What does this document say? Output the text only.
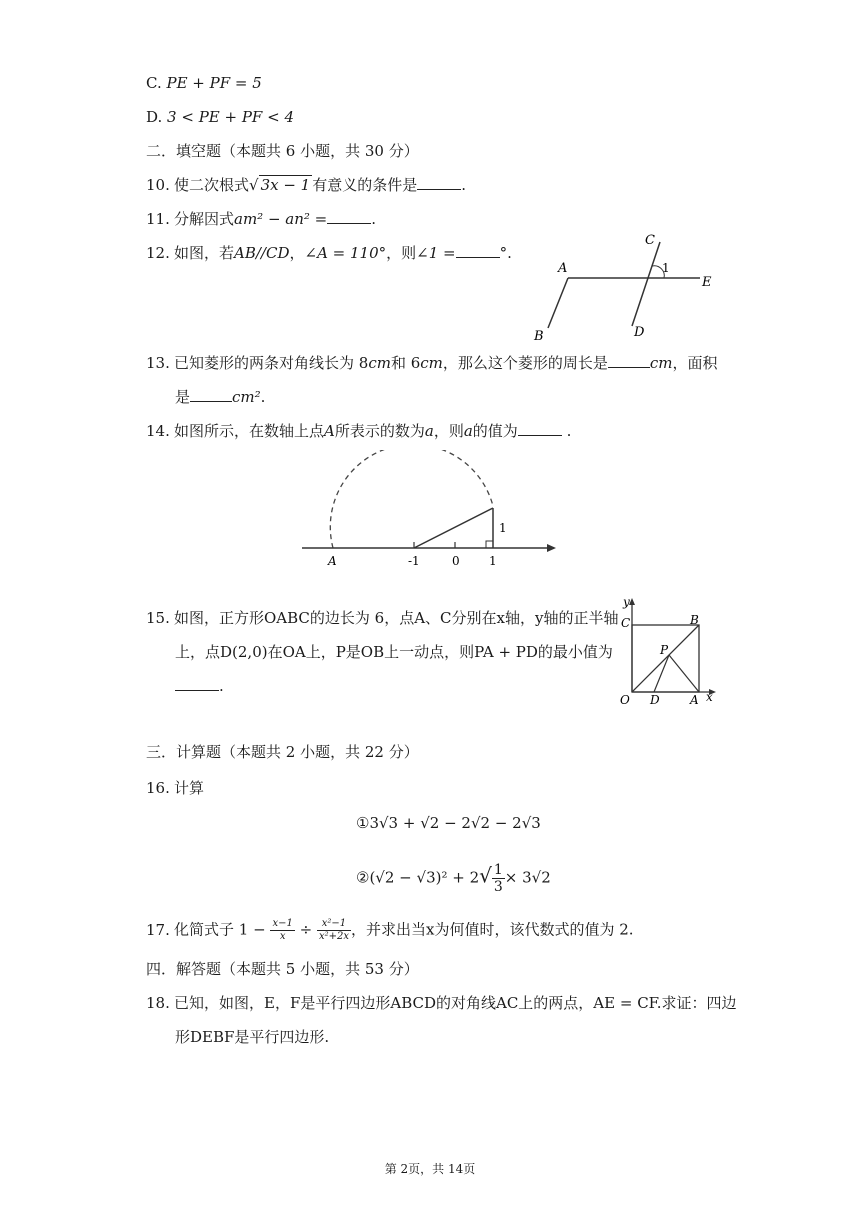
C. PE + PF = 5
D. 3 < PE + PF < 4
二．填空题（本题共 6 小题，共 30 分）
10. 使二次根式√ 3x − 1 有意义的条件是	.
11. 分解因式am² − an² =	.
12. 如图，若AB//CD，∠A = 110°，则∠1 =	°.
A
B
C
D
E
1
13. 已知菱形的两条对角线长为 8cm和 6cm，那么这个菱形的周长是	cm，面积
是	cm².
14. 如图所示，在数轴上点A所表示的数为a，则a的值为	.
A	-1	0 1
1
15. 如图，正方形OABC的边长为 6，点A、C分别在x轴，y轴的正半轴
上，点D(2,0)在OA上，P是OB上一动点，则PA + PD的最小值为
.
y
x
C	B
P
O D	A
三．计算题（本题共 2 小题，共 22 分）
16. 计算
①3√3 + √2 − 2√2 − 2√3
②(√2 − $√3)^2 + 2√ \frac{1}{3} \times 3√2$
17. 化简式子 $1 - \frac{x-1}{x} \div \frac{\text{x²−1}}{\text{x²+2x}}$ ，并求出当x为何值时，该代数式的值为 2.
四．解答题（本题共 5 小题，共 53 分）
18. 已知，如图，E，F是平行四边形ABCD的对角线AC上的两点，AE = CF.求证：四边
形DEBF是平行四边形.
第 2页，共 14页
